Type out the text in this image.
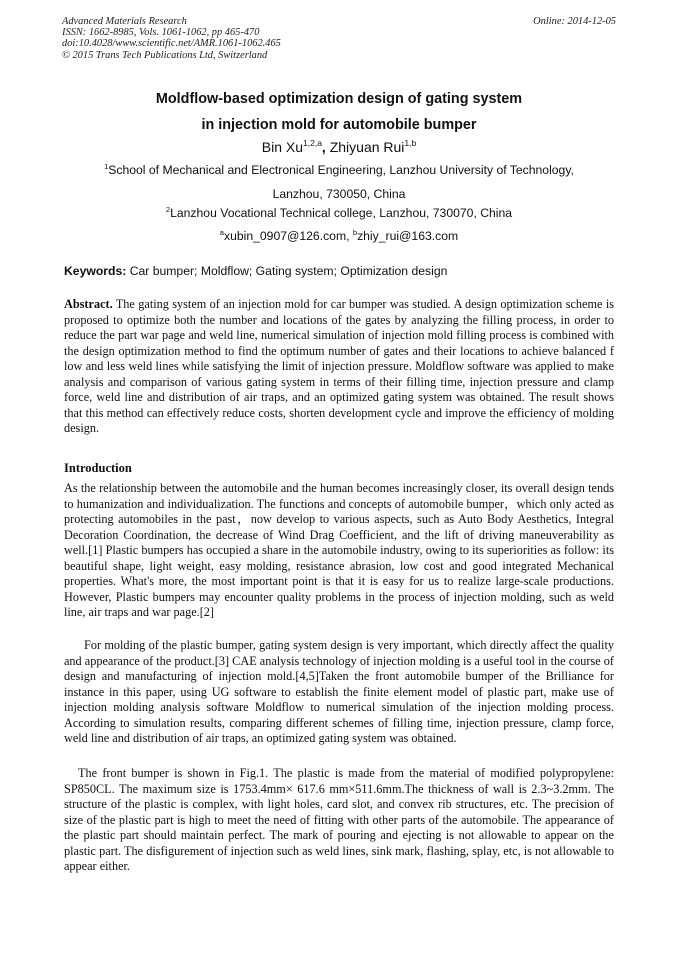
Advanced Materials Research
ISSN: 1662-8985, Vols. 1061-1062, pp 465-470
doi:10.4028/www.scientific.net/AMR.1061-1062.465
© 2015 Trans Tech Publications Ltd, Switzerland
Online: 2014-12-05
Moldflow-based optimization design of gating system
in injection mold for automobile bumper
Bin Xu$^{1,2,a}$, Zhiyuan Rui$^{1,b}$
$^1$School of Mechanical and Electronical Engineering, Lanzhou University of Technology,
Lanzhou, 730050, China
$^2$Lanzhou Vocational Technical college, Lanzhou, 730070, China
$^a$xubin_0907@126.com, $^b$zhiy_rui@163.com
Keywords: Car bumper; Moldflow; Gating system; Optimization design
Abstract. The gating system of an injection mold for car bumper was studied. A design optimization scheme is proposed to optimize both the number and locations of the gates by analyzing the filling process, in order to reduce the part war page and weld line, numerical simulation of injection mold filling process is combined with the design optimization method to find the optimum number of gates and their locations to achieve balanced f low and less weld lines while satisfying the limit of injection pressure. Moldflow software was applied to make analysis and comparison of various gating system in terms of their filling time, injection pressure and clamp force, weld line and distribution of air traps, and an optimized gating system was obtained. The result shows that this method can effectively reduce costs, shorten development cycle and improve the efficiency of molding design.
Introduction
As the relationship between the automobile and the human becomes increasingly closer, its overall design tends to humanization and individualization. The functions and concepts of automobile bumper，which only acted as protecting automobiles in the past，now develop to various aspects, such as Auto Body Aesthetics, Integral Decoration Coordination, the decrease of Wind Drag Coefficient, and the lift of driving maneuverability as well.[1] Plastic bumpers has occupied a share in the automobile industry, owing to its superiorities as follow: its beautiful shape, light weight, easy molding, resistance abrasion, low cost and good integrated Mechanical properties. What's more, the most important point is that it is easy for us to realize large-scale productions. However, Plastic bumpers may encounter quality problems in the process of injection molding, such as weld line, air traps and war page.[2]
For molding of the plastic bumper, gating system design is very important, which directly affect the quality and appearance of the product.[3] CAE analysis technology of injection molding is a useful tool in the course of design and manufacturing of injection mold.[4,5]Taken the front automobile bumper of the Brilliance for instance in this paper, using UG software to establish the finite element model of plastic part, make use of injection molding analysis software Moldflow to numerical simulation of the injection molding process. According to simulation results, comparing different schemes of filling time, injection pressure, clamp force, weld line and distribution of air traps, an optimized gating system was obtained.
The front bumper is shown in Fig.1. The plastic is made from the material of modified polypropylene: SP850CL. The maximum size is 1753.4mm× 617.6 mm×511.6mm.The thickness of wall is 2.3~3.2mm. The structure of the plastic is complex, with light holes, card slot, and convex rib structures, etc. The precision of size of the plastic part is high to meet the need of fitting with other parts of the automobile. The appearance of the plastic part should maintain perfect. The mark of pouring and ejecting is not allowable to appear on the plastic part. The disfigurement of injection such as weld lines, sink mark, flashing, splay, etc, is not allowable to appear either.
